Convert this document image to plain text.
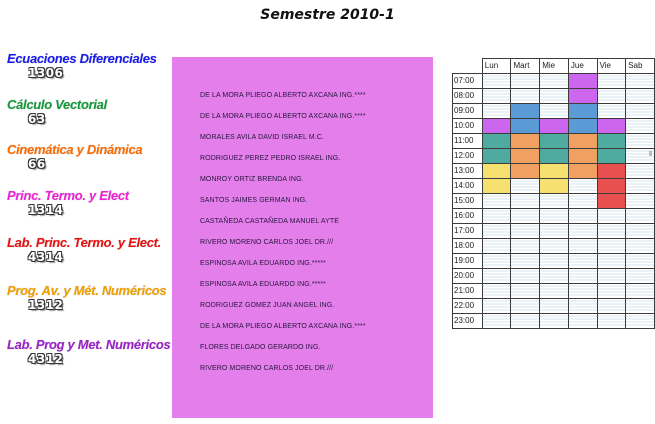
Semestre 2010-1
Ecuaciones Diferenciales
1306
Cálculo Vectorial
63
Cinemática y Dinámica
66
Princ. Termo. y Elect
1314
Lab. Princ. Termo. y Elect.
4314
Prog. Av. y Mét. Numéricos
1312
Lab. Prog y Met. Numéricos
4312
DE LA MORA PLIEGO ALBERTO AXCANA ING.****
DE LA MORA PLIEGO ALBERTO AXCANA ING.****
MORALES AVILA DAVID ISRAEL M.C.
RODRIGUEZ PEREZ PEDRO ISRAEL ING.
MONROY ORTIZ BRENDA ING.
SANTOS JAIMES GERMAN ING.
CASTAÑEDA CASTAÑEDA MANUEL AYTE
RIVERO MORENO CARLOS JOEL DR.///
ESPINOSA AVILA EDUARDO ING.*****
ESPINOSA AVILA EDUARDO ING.*****
RODRIGUEZ GOMEZ JUAN ANGEL ING.
DE LA MORA PLIEGO ALBERTO AXCANA ING.****
FLORES DELGADO GERARDO ING.
RIVERO MORENO CARLOS JOEL DR.///
	Lun	Mart	Mie	Jue	Vie	Sab
07:00						
08:00						
09:00						
10:00						
11:00						
12:00						
13:00						
14:00						
15:00						
16:00						
17:00						
18:00						
19:00						
20:00						
21:00						
22:00						
23:00						
